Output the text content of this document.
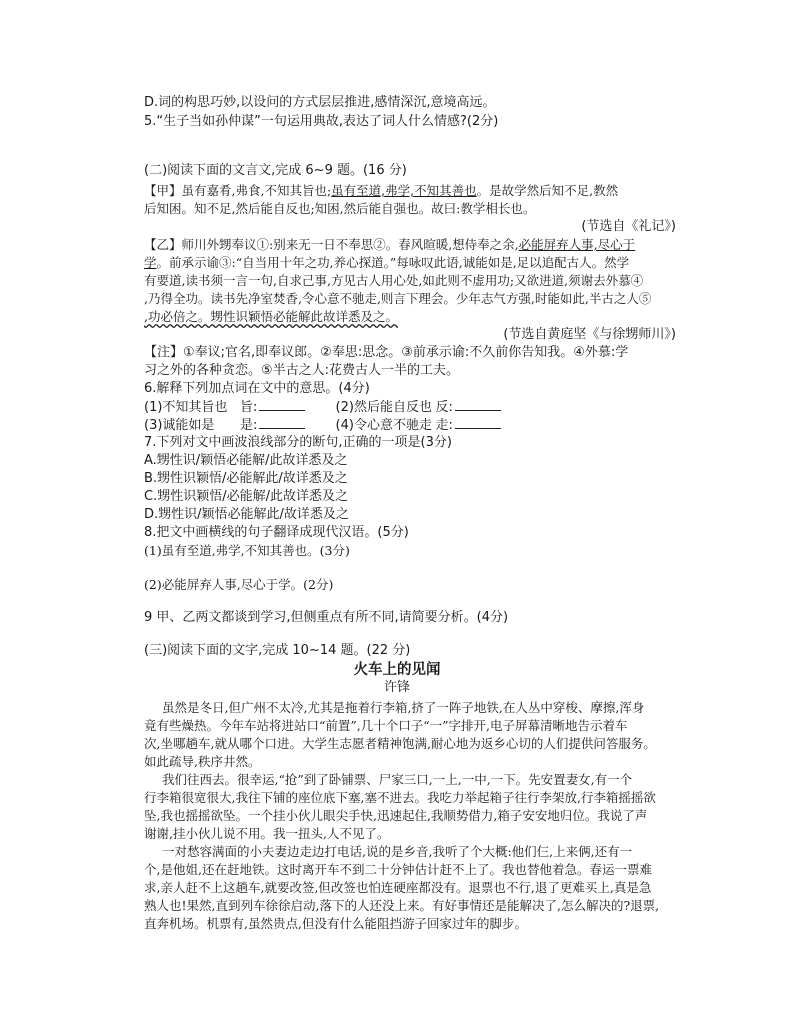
D.词的构思巧妙,以设问的方式层层推进,感情深沉,意境高远。
5.“生子当如孙仲谋”一句运用典故,表达了词人什么情感?(2分)
(二)阅读下面的文言文,完成 6~9 题。(16 分)
【甲】虽有嘉肴,弗食,不知其旨也;虽有至道,弗学,不知其善也。是故学然后知不足,教然
后知困。知不足,然后能自反也;知困,然后能自强也。故曰:教学相长也。
(节选自《礼记》)
【乙】师川外甥奉议①:别来无一日不奉思②。春风暄暖,想侍奉之余,必能屏弃人事,尽心于
学。前承示谕③:“自当用十年之功,养心探道。”每咏叹此语,诚能如是,足以追配古人。然学
有要道,读书须一言一句,自求己事,方见古人用心处,如此则不虚用功;又欲进道,须谢去外慕④
,乃得全功。读书先净室焚香,令心意不驰走,则言下理会。少年志气方强,时能如此,半古之人⑤
,功必倍之。甥性识颖悟必能解此故详悉及之。
(节选自黄庭坚《与徐甥师川》)
【注】①奉议;官名,即奉议郎。②奉思:思念。③前承示谕:不久前你告知我。④外慕:学
习之外的各种贪恋。⑤半古之人:花费古人一半的工夫。
6.解释下列加点词在文中的意思。(4分)
(1)不知其旨也 旨:	(2)然后能自反也 反:
(3)诚能如是 是:	(4)令心意不驰走 走:
7.下列对文中画波浪线部分的断句,正确的一项是(3分)
A.甥性识/颖悟必能解/此故详悉及之
B.甥性识颖悟/必能解此/故详悉及之
C.甥性识颖悟/必能解/此故详悉及之
D.甥性识/颖悟必能解此/故详悉及之
8.把文中画横线的句子翻译成现代汉语。(5分)
(1)虽有至道,弗学,不知其善也。(3分)
(2)必能屏弃人事,尽心于学。(2分)
9 甲、乙两文都谈到学习,但侧重点有所不同,请简要分析。(4分)
(三)阅读下面的文字,完成 10~14 题。(22 分)
火车上的见闻
许锋
虽然是冬日,但广州不太冷,尤其是拖着行李箱,挤了一阵子地铁,在人丛中穿梭、摩擦,浑身
竟有些燥热。今年车站将进站口“前置”,几十个口子“一”字排开,电子屏幕清晰地告示着车
次,坐哪趟车,就从哪个口进。大学生志愿者精神饱满,耐心地为返乡心切的人们提供问答服务。
如此疏导,秩序井然。
我们往西去。很幸运,“抢”到了卧铺票、尸家三口,一上,一中,一下。先安置妻女,有一个
行李箱很宽很大,我往下铺的座位底下塞,塞不进去。我吃力举起箱子往行李架放,行李箱摇摇欲
坠,我也摇摇欲坠。一个挂小伙儿眼尖手快,迅速起住,我顺势借力,箱子安安地归位。我说了声
谢谢,挂小伙儿说不用。我一扭头,人不见了。
一对愁容满面的小夫妻边走边打电话,说的是乡音,我听了个大概:他们仨,上来俩,还有一
个,是他姐,还在赶地铁。这时离开车不到二十分钟估计赶不上了。我也替他着急。春运一票难
求,亲人赶不上这趟车,就要改签,但改签也怕连硬座都没有。退票也不行,退了更难买上,真是急
熟人也!果然,直到列车徐徐启动,落下的人还没上来。有好事情还是能解决了,怎么解决的?退票,
直奔机场。机票有,虽然贵点,但没有什么能阻挡游子回家过年的脚步。
